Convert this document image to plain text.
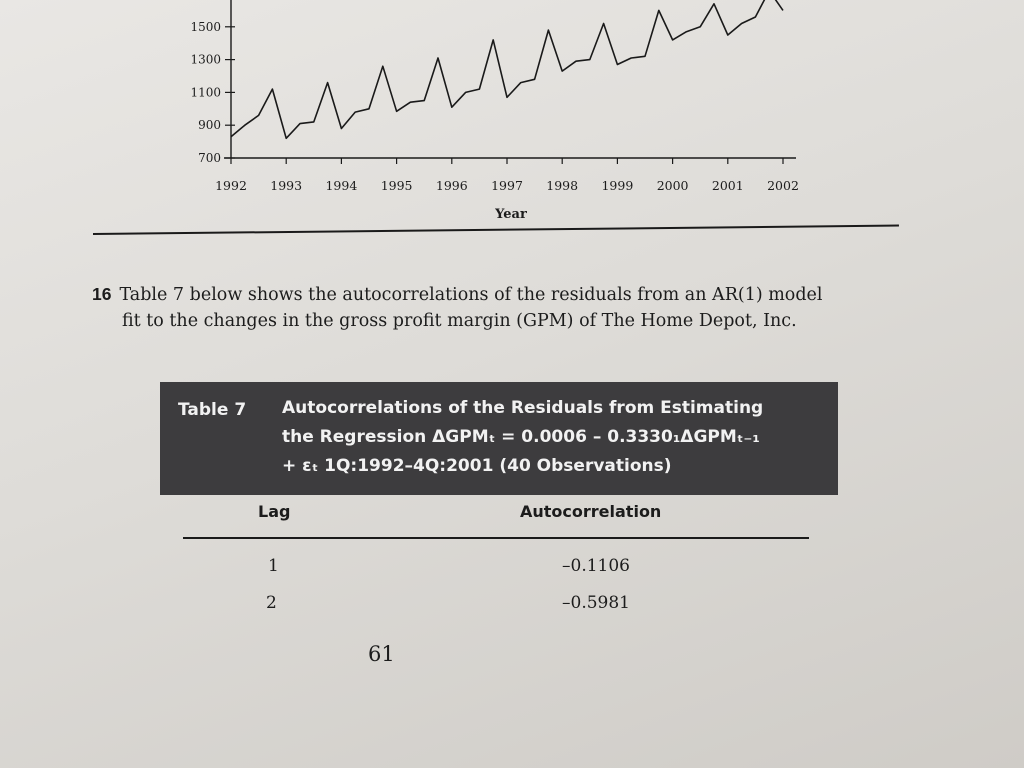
700
900
1100
1300
1500
1992 1993 1994 1995 1996 1997 1998 1999 2000 2001 2002
Year
16 Table 7 below shows the autocorrelations of the residuals from an AR(1) model
fit to the changes in the gross profit margin (GPM) of The Home Depot, Inc.
Table 7 Autocorrelations of the Residuals from Estimating
the Regression ΔGPMₜ = 0.0006 – 0.3330₁ΔGPMₜ₋₁
+ εₜ 1Q:1992–4Q:2001 (40 Observations)
Lag	Autocorrelation
1	–0.1106
2	–0.5981
61
